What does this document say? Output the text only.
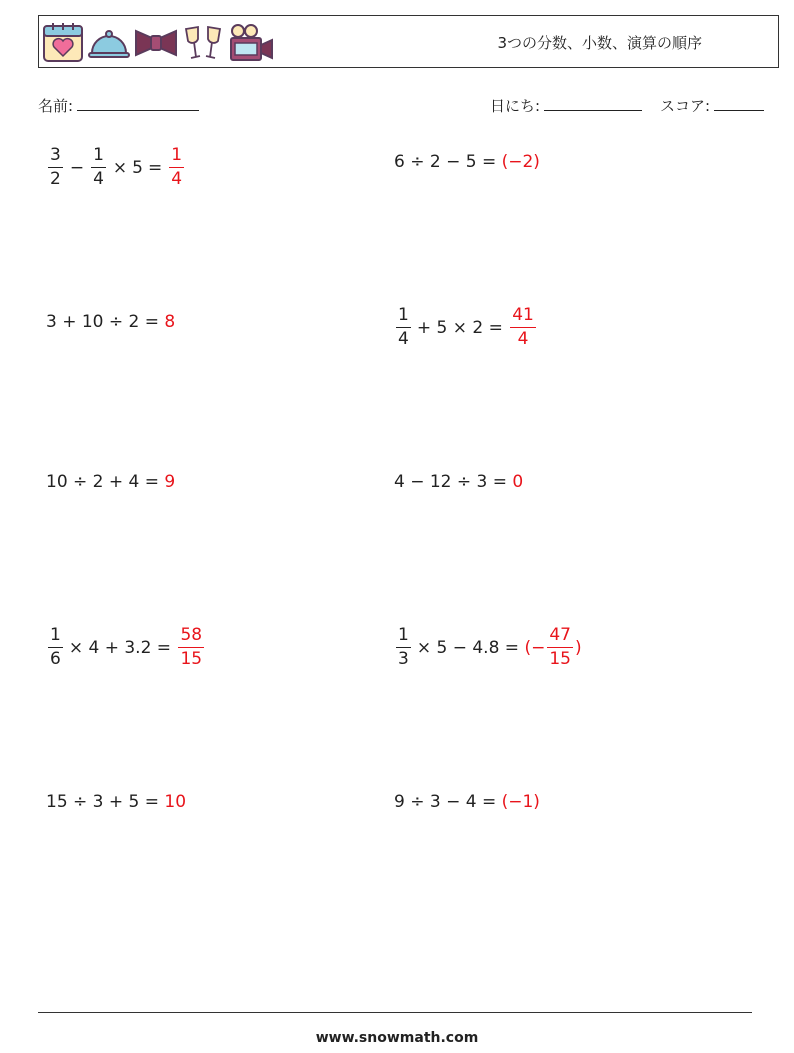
3つの分数、小数、演算の順序
名前:	日にち:	スコア:
$\frac{3}{2} - \frac{1}{4} \times 5 = \frac{1}{4}$	6 ÷ 2 − 5 =
(−2)
3 + 10 ÷ 2 =
8	$\frac{1}{4} + 5 \times 2$ =
$\frac{41}{4}$
10 ÷ 2 + 4 =
9	4 − 12 ÷ 3 =
0
$\frac{1}{6} \times 4 + 3.2$ =
$\frac{58}{15}$	$\frac{1}{3} \times 5 - 4.8$ =
(− $\frac{47}{15}$ )
15 ÷ 3 + 5 =
10	9 ÷ 3 − 4 =
(−1)
www.snowmath.com
